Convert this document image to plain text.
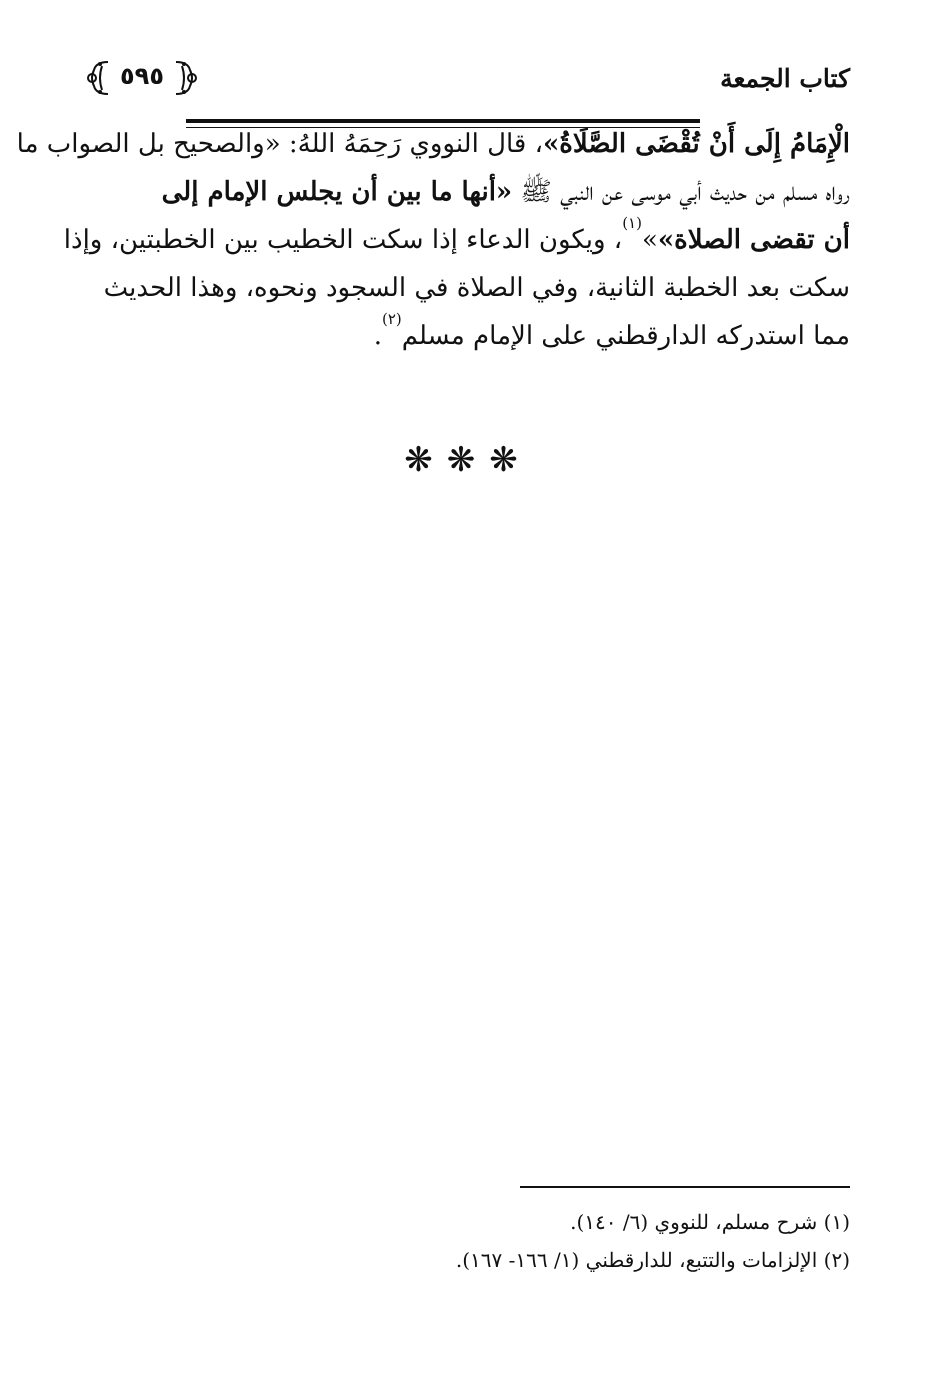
كتاب الجمعة
٥٩٥
الْإِمَامُ إِلَى أَنْ تُقْضَى الصَّلَاةُ»، قال النووي رَحِمَهُ اللهُ: «والصحيح بل الصواب ما
رواه مسلم من حديث أبي موسى عن النبي ﷺ «أنها ما بين أن يجلس الإمام إلى
أن تقضى الصلاة»»$^{(١)}$، ويكون الدعاء إذا سكت الخطيب بين الخطبتين، وإذا
سكت بعد الخطبة الثانية، وفي الصلاة في السجود ونحوه، وهذا الحديث
مما استدركه الدارقطني على الإمام مسلم$^{(٢)}$.
❋❋❋
(١) شرح مسلم، للنووي (٦/ ١٤٠).
(٢) الإلزامات والتتبع، للدارقطني (١/ ١٦٦- ١٦٧).
